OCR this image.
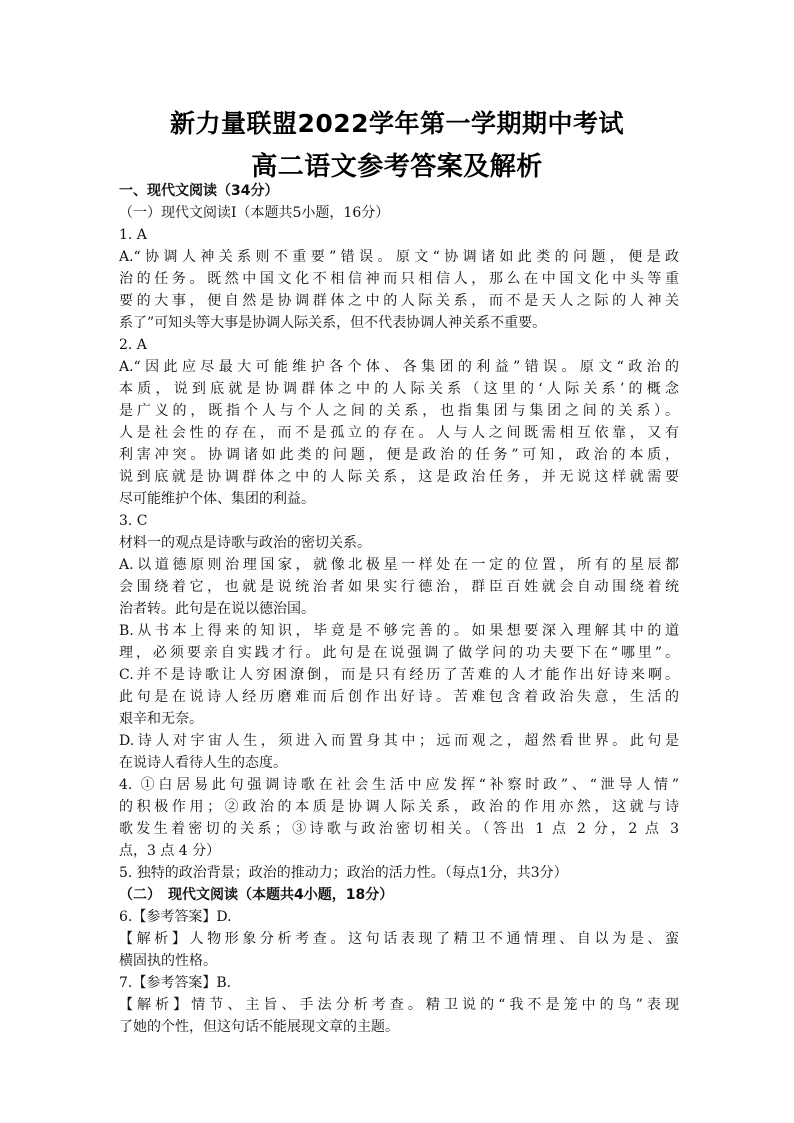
新力量联盟2022学年第一学期期中考试
高二语文参考答案及解析
一、现代文阅读（34分）
（一）现代文阅读Ⅰ（本题共5小题，16分）
1. A
A.“协调人神关系则不重要”错误。原文“协调诸如此类的问题，便是政
治的任务。既然中国文化不相信神而只相信人，那么在中国文化中头等重
要的大事，便自然是协调群体之中的人际关系，而不是天人之际的人神关
系了”可知头等大事是协调人际关系，但不代表协调人神关系不重要。
2. A
A.“因此应尽最大可能维护各个体、各集团的利益”错误。原文“政治的
本质，说到底就是协调群体之中的人际关系（这里的‘人际关系’的概念
是广义的，既指个人与个人之间的关系，也指集团与集团之间的关系）。
人是社会性的存在，而不是孤立的存在。人与人之间既需相互依靠，又有
利害冲突。协调诸如此类的问题，便是政治的任务”可知，政治的本质，
说到底就是协调群体之中的人际关系，这是政治任务，并无说这样就需要
尽可能维护个体、集团的利益。
3. C
材料一的观点是诗歌与政治的密切关系。
A.以道德原则治理国家，就像北极星一样处在一定的位置，所有的星辰都
会围绕着它，也就是说统治者如果实行德治，群臣百姓就会自动围绕着统
治者转。此句是在说以德治国。
B.从书本上得来的知识，毕竟是不够完善的。如果想要深入理解其中的道
理，必须要亲自实践才行。此句是在说强调了做学问的功夫要下在“哪里”。
C.并不是诗歌让人穷困潦倒，而是只有经历了苦难的人才能作出好诗来啊。
此句是在说诗人经历磨难而后创作出好诗。苦难包含着政治失意，生活的
艰辛和无奈。
D.诗人对宇宙人生，须进入而置身其中；远而观之，超然看世界。此句是
在说诗人看待人生的态度。
4. ①白居易此句强调诗歌在社会生活中应发挥“补察时政”、“泄导人情”
的积极作用；②政治的本质是协调人际关系，政治的作用亦然，这就与诗
歌发生着密切的关系；③诗歌与政治密切相关。（答出 1 点 2 分，2 点 3
点，3 点 4 分）
5. 独特的政治背景；政治的推动力；政治的活力性。（每点1分，共3分）
（二）　现代文阅读（本题共4小题，18分）
6.【参考答案】D.
【解析】人物形象分析考查。这句话表现了精卫不通情理、自以为是、蛮
横固执的性格。
7.【参考答案】B.
【解析】情节、主旨、手法分析考查。精卫说的“我不是笼中的鸟”表现
了她的个性，但这句话不能展现文章的主题。
